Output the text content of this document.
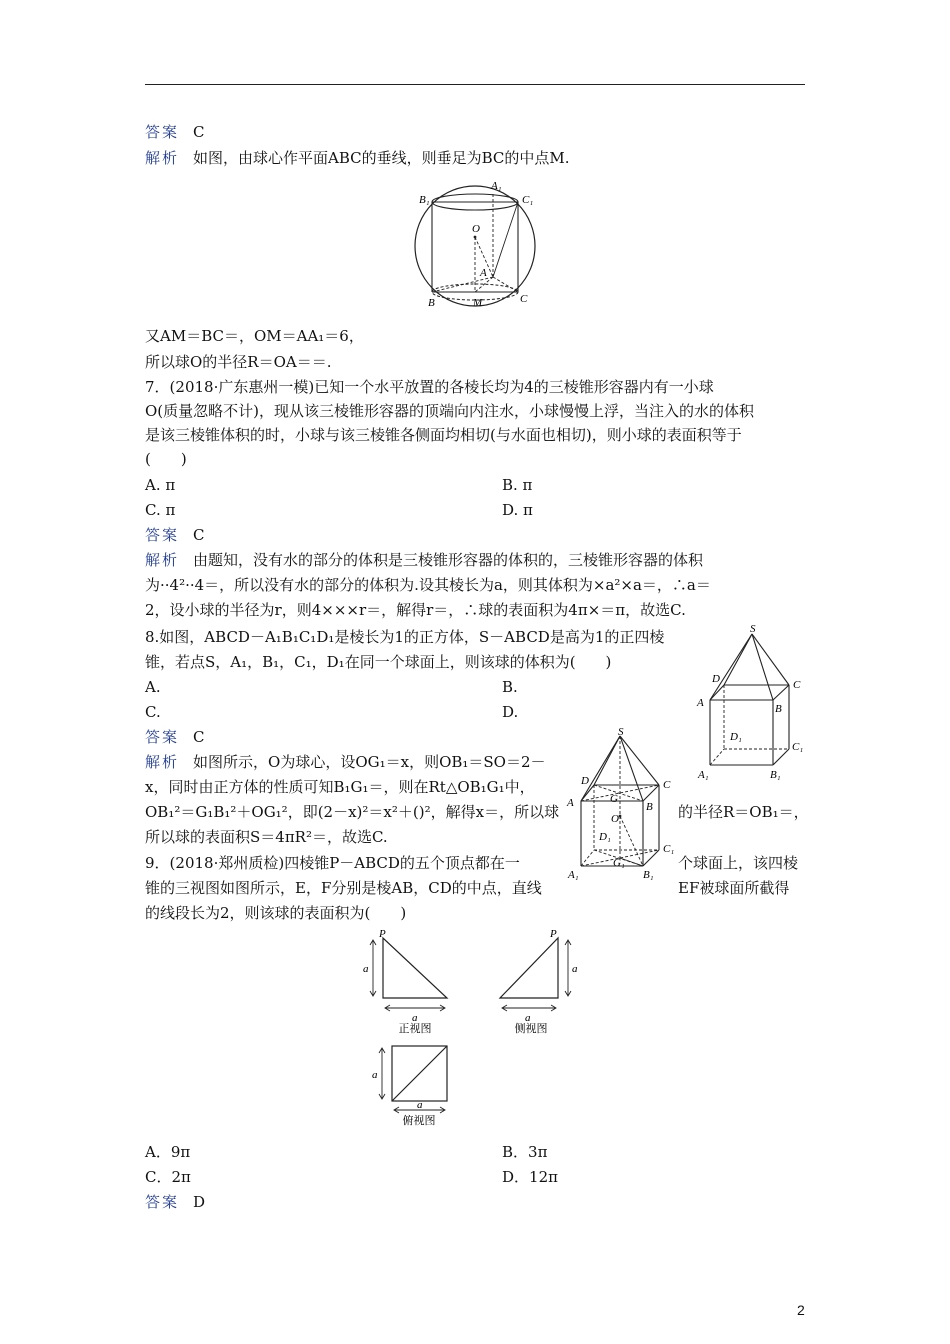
答案 C
解析 如图，由球心作平面ABC的垂线，则垂足为BC的中点M.
A₁
B₁	C₁
O
A
B	M	C
又AM＝BC＝，OM＝AA₁＝6，
所以球O的半径R＝OA＝＝.
7．(2018·广东惠州一模)已知一个水平放置的各棱长均为4的三棱锥形容器内有一小球
O(质量忽略不计)，现从该三棱锥形容器的顶端向内注水，小球慢慢上浮，当注入的水的体积
是该三棱锥体积的时，小球与该三棱锥各侧面均相切(与水面也相切)，则小球的表面积等于
(　　)
A. π	B. π
C. π	D. π
答案 C
解析 由题知，没有水的部分的体积是三棱锥形容器的体积的，三棱锥形容器的体积
为··4²··4＝，所以没有水的部分的体积为.设其棱长为a，则其体积为×a²×a＝，∴a＝
2，设小球的半径为r，则4×××r＝，解得r＝，∴球的表面积为4π×＝π，故选C.
8.如图，ABCD－A₁B₁C₁D₁是棱长为1的正方体，S－ABCD是高为1的正四棱
锥，若点S，A₁，B₁，C₁，D₁在同一个球面上，则该球的体积为(　　)
A.	B.
C.	D.
答案 C
解析 如图所示，O为球心，设OG₁＝x，则OB₁＝SO＝2－
x，同时由正方体的性质可知B₁G₁＝，则在Rt△OB₁G₁中，
OB₁²＝G₁B₁²＋OG₁²，即(2－x)²＝x²＋()²，解得x＝，所以球	的半径R＝OB₁＝，
所以球的表面积S＝4πR²＝，故选C.
S
D	C
A	B
D₁
C₁
A₁	B₁
S
D	C
A	G
B
O
D₁
C₁
A₁
G₁
B₁
9．(2018·郑州质检)四棱锥P－ABCD的五个顶点都在一	个球面上，该四棱
锥的三视图如图所示，E，F分别是棱AB，CD的中点，直线	EF被球面所截得
的线段长为2，则该球的表面积为(　　)
P
a
a
正视图
P
a
a
侧视图
a
a
俯视图
A．9π	B．3π
C．2π	D．12π
答案 D
2
